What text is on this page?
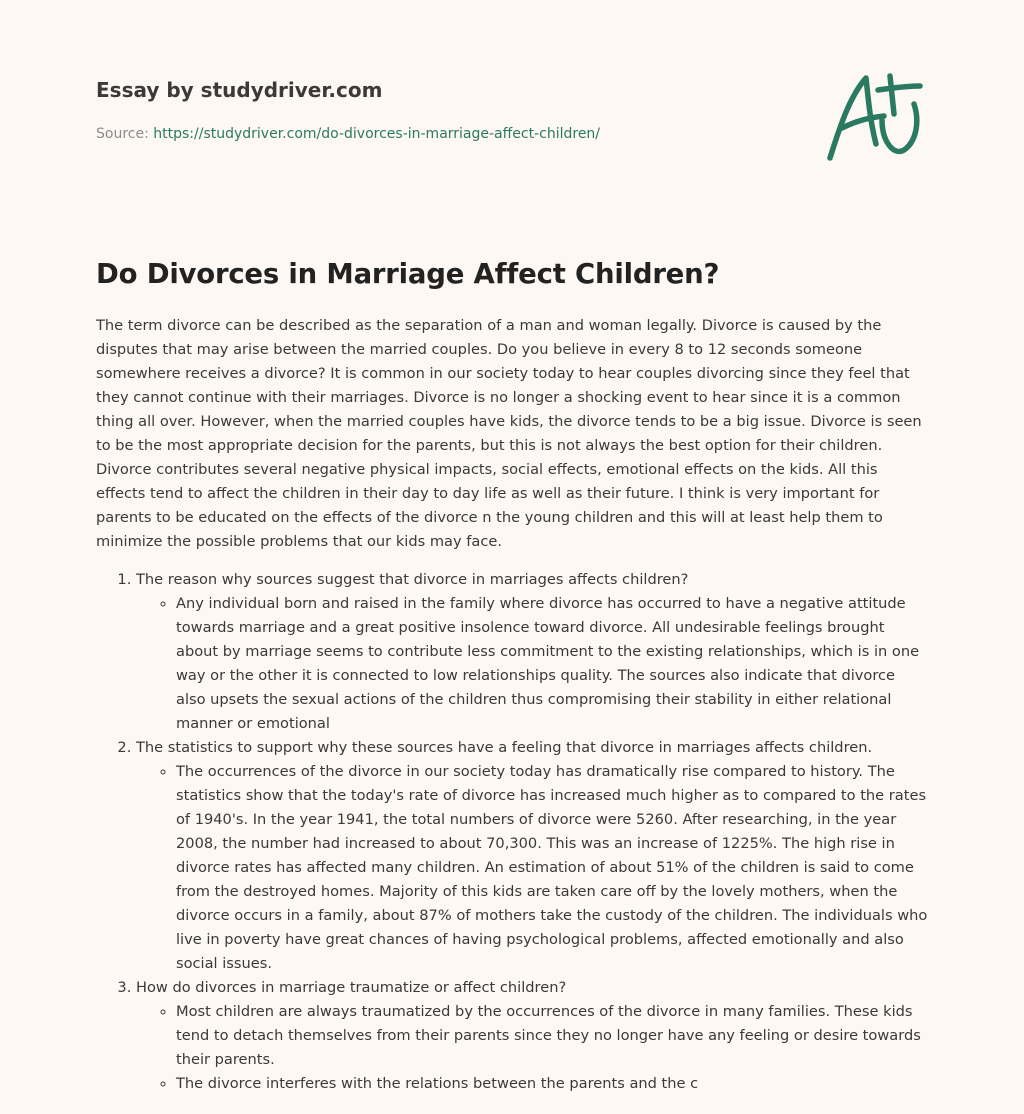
Essay by studydriver.com
Source: https://studydriver.com/do-divorces-in-marriage-affect-children/
Do Divorces in Marriage Affect Children?

The term divorce can be described as the separation of a man and woman legally. Divorce is caused by the disputes that may arise between the married couples. Do you believe in every 8 to 12 seconds someone somewhere receives a divorce? It is common in our society today to hear couples divorcing since they feel that they cannot continue with their marriages. Divorce is no longer a shocking event to hear since it is a common thing all over. However, when the married couples have kids, the divorce tends to be a big issue. Divorce is seen to be the most appropriate decision for the parents, but this is not always the best option for their children. Divorce contributes several negative physical impacts, social effects, emotional effects on the kids. All this effects tend to affect the children in their day to day life as well as their future. I think is very important for parents to be educated on the effects of the divorce n the young children and this will at least help them to minimize the possible problems that our kids may face.

1. The reason why sources suggest that divorce in marriages affects children?
◦ Any individual born and raised in the family where divorce has occurred to have a negative attitude towards marriage and a great positive insolence toward divorce. All undesirable feelings brought about by marriage seems to contribute less commitment to the existing relationships, which is in one way or the other it is connected to low relationships quality. The sources also indicate that divorce also upsets the sexual actions of the children thus compromising their stability in either relational manner or emotional
2. The statistics to support why these sources have a feeling that divorce in marriages affects children.
◦ The occurrences of the divorce in our society today has dramatically rise compared to history. The statistics show that the today's rate of divorce has increased much higher as to compared to the rates of 1940's. In the year 1941, the total numbers of divorce were 5260. After researching, in the year 2008, the number had increased to about 70,300. This was an increase of 1225%. The high rise in divorce rates has affected many children. An estimation of about 51% of the children is said to come from the destroyed homes. Majority of this kids are taken care off by the lovely mothers, when the divorce occurs in a family, about 87% of mothers take the custody of the children. The individuals who live in poverty have great chances of having psychological problems, affected emotionally and also social issues.
3. How do divorces in marriage traumatize or affect children?
◦ Most children are always traumatized by the occurrences of the divorce in many families. These kids tend to detach themselves from their parents since they no longer have any feeling or desire towards their parents.
◦ The divorce interferes with the relations between the parents and the c
